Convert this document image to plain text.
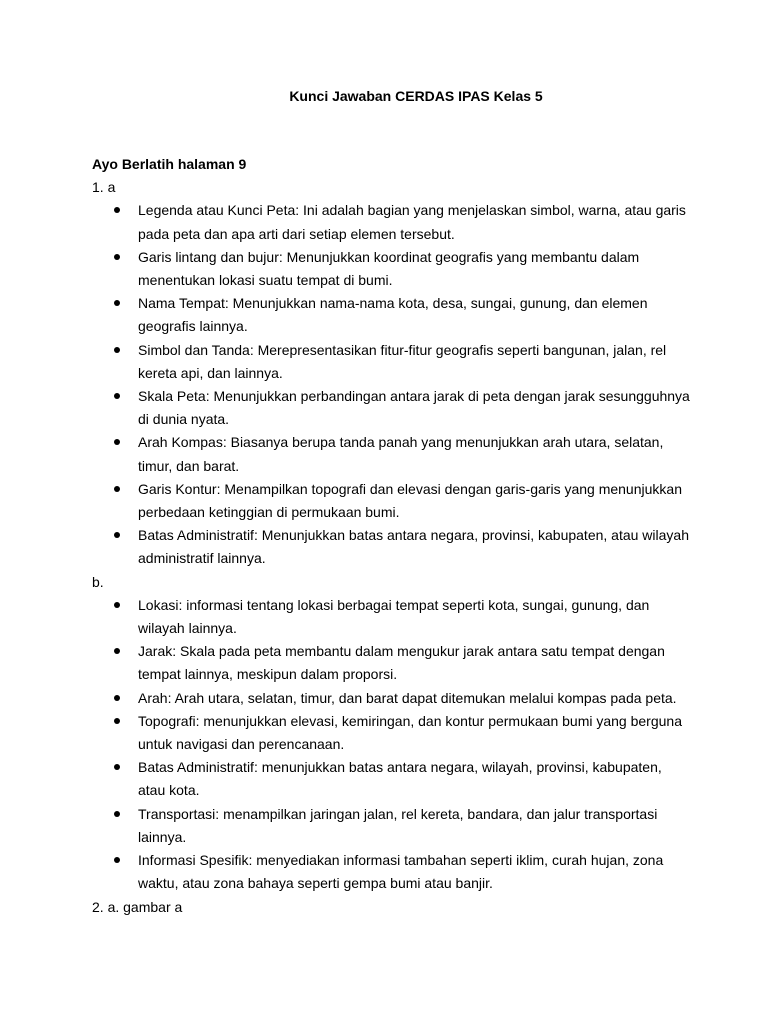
Kunci Jawaban CERDAS IPAS Kelas 5

Ayo Berlatih halaman 9

1. a

Legenda atau Kunci Peta: Ini adalah bagian yang menjelaskan simbol, warna, atau garis pada peta dan apa arti dari setiap elemen tersebut.
Garis lintang dan bujur: Menunjukkan koordinat geografis yang membantu dalam menentukan lokasi suatu tempat di bumi.
Nama Tempat: Menunjukkan nama-nama kota, desa, sungai, gunung, dan elemen geografis lainnya.
Simbol dan Tanda: Merepresentasikan fitur-fitur geografis seperti bangunan, jalan, rel kereta api, dan lainnya.
Skala Peta: Menunjukkan perbandingan antara jarak di peta dengan jarak sesungguhnya di dunia nyata.
Arah Kompas: Biasanya berupa tanda panah yang menunjukkan arah utara, selatan, timur, dan barat.
Garis Kontur: Menampilkan topografi dan elevasi dengan garis-garis yang menunjukkan perbedaan ketinggian di permukaan bumi.
Batas Administratif: Menunjukkan batas antara negara, provinsi, kabupaten, atau wilayah administratif lainnya.

b.

Lokasi: informasi tentang lokasi berbagai tempat seperti kota, sungai, gunung, dan wilayah lainnya.
Jarak: Skala pada peta membantu dalam mengukur jarak antara satu tempat dengan tempat lainnya, meskipun dalam proporsi.
Arah: Arah utara, selatan, timur, dan barat dapat ditemukan melalui kompas pada peta.
Topografi: menunjukkan elevasi, kemiringan, dan kontur permukaan bumi yang berguna untuk navigasi dan perencanaan.
Batas Administratif: menunjukkan batas antara negara, wilayah, provinsi, kabupaten, atau kota.
Transportasi: menampilkan jaringan jalan, rel kereta, bandara, dan jalur transportasi lainnya.
Informasi Spesifik: menyediakan informasi tambahan seperti iklim, curah hujan, zona waktu, atau zona bahaya seperti gempa bumi atau banjir.

2. a. gambar a
